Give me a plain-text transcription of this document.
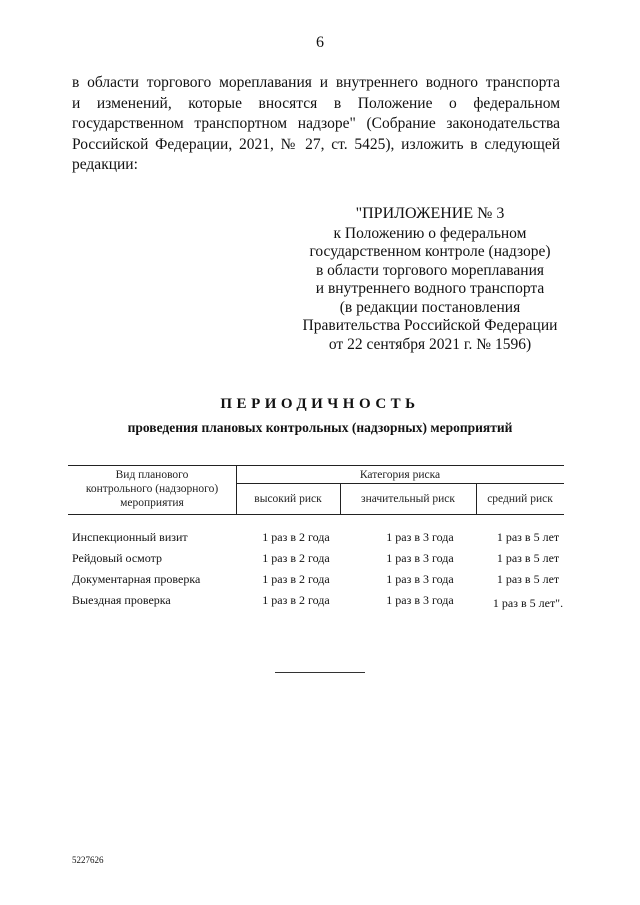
6
в области торгового мореплавания и внутреннего водного транспорта
и изменений, которые вносятся в Положение о федеральном
государственном транспортном надзоре" (Собрание законодательства
Российской Федерации, 2021, № 27, ст. 5425), изложить в следующей
редакции:
"ПРИЛОЖЕНИЕ № 3
к Положению о федеральном
государственном контроле (надзоре)
в области торгового мореплавания
и внутреннего водного транспорта
(в редакции постановления
Правительства Российской Федерации
от 22 сентября 2021 г. № 1596)
ПЕРИОДИЧНОСТЬ
проведения плановых контрольных (надзорных) мероприятий
Вид планового
контрольного (надзорного)
мероприятия
Категория риска
высокий риск	значительный риск	средний риск
Инспекционный визит	1 раз в 2 года	1 раз в 3 года	1 раз в 5 лет
Рейдовый осмотр	1 раз в 2 года	1 раз в 3 года	1 раз в 5 лет
Документарная проверка	1 раз в 2 года	1 раз в 3 года	1 раз в 5 лет
Выездная проверка	1 раз в 2 года	1 раз в 3 года	1 раз в 5 лет".
5227626
